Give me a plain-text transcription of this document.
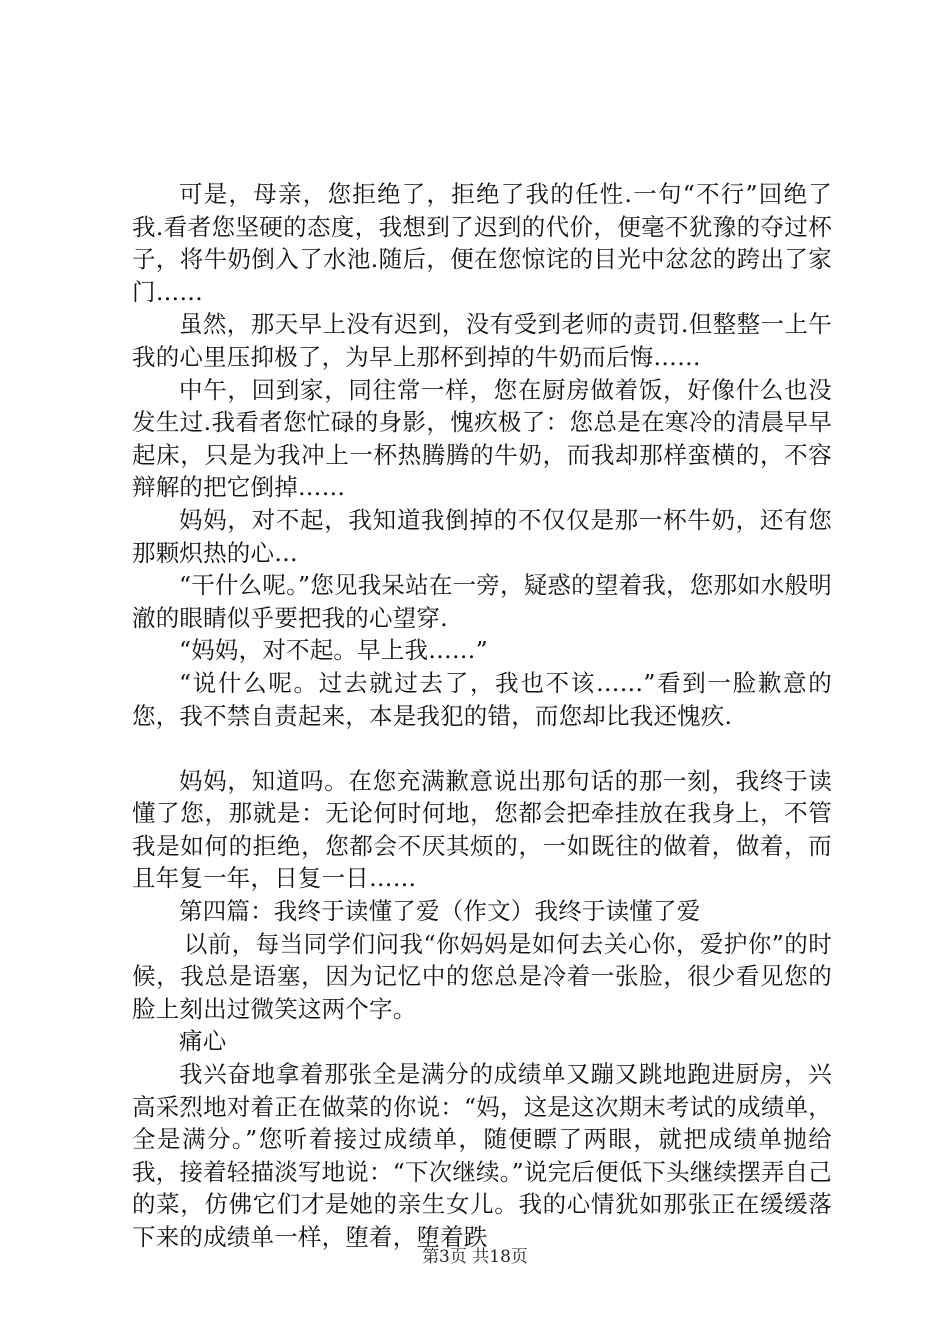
可是，母亲，您拒绝了，拒绝了我的任性.一句“不行”回绝了我.看者您坚硬的态度，我想到了迟到的代价，便毫不犹豫的夺过杯子，将牛奶倒入了水池.随后，便在您惊诧的目光中忿忿的跨出了家门……

虽然，那天早上没有迟到，没有受到老师的责罚.但整整一上午我的心里压抑极了，为早上那杯到掉的牛奶而后悔……

中午，回到家，同往常一样，您在厨房做着饭，好像什么也没发生过.我看者您忙碌的身影，愧疚极了：您总是在寒冷的清晨早早起床，只是为我冲上一杯热腾腾的牛奶，而我却那样蛮横的，不容辩解的把它倒掉……

妈妈，对不起，我知道我倒掉的不仅仅是那一杯牛奶，还有您那颗炽热的心…

“干什么呢。”您见我呆站在一旁，疑惑的望着我，您那如水般明澈的眼睛似乎要把我的心望穿.

“妈妈，对不起。早上我……”

“说什么呢。过去就过去了，我也不该……”看到一脸歉意的您，我不禁自责起来，本是我犯的错，而您却比我还愧疚.

妈妈，知道吗。在您充满歉意说出那句话的那一刻，我终于读懂了您，那就是：无论何时何地，您都会把牵挂放在我身上，不管我是如何的拒绝，您都会不厌其烦的，一如既往的做着，做着，而且年复一年，日复一日……

第四篇：我终于读懂了爱（作文）我终于读懂了爱

以前，每当同学们问我“你妈妈是如何去关心你，爱护你”的时候，我总是语塞，因为记忆中的您总是冷着一张脸，很少看见您的脸上刻出过微笑这两个字。

痛心

我兴奋地拿着那张全是满分的成绩单又蹦又跳地跑进厨房，兴高采烈地对着正在做菜的你说：“妈，这是这次期末考试的成绩单，全是满分。”您听着接过成绩单，随便瞟了两眼，就把成绩单抛给我，接着轻描淡写地说：“下次继续。”说完后便低下头继续摆弄自己的菜，仿佛它们才是她的亲生女儿。我的心情犹如那张正在缓缓落下来的成绩单一样，堕着，堕着跌

第3页 共18页
